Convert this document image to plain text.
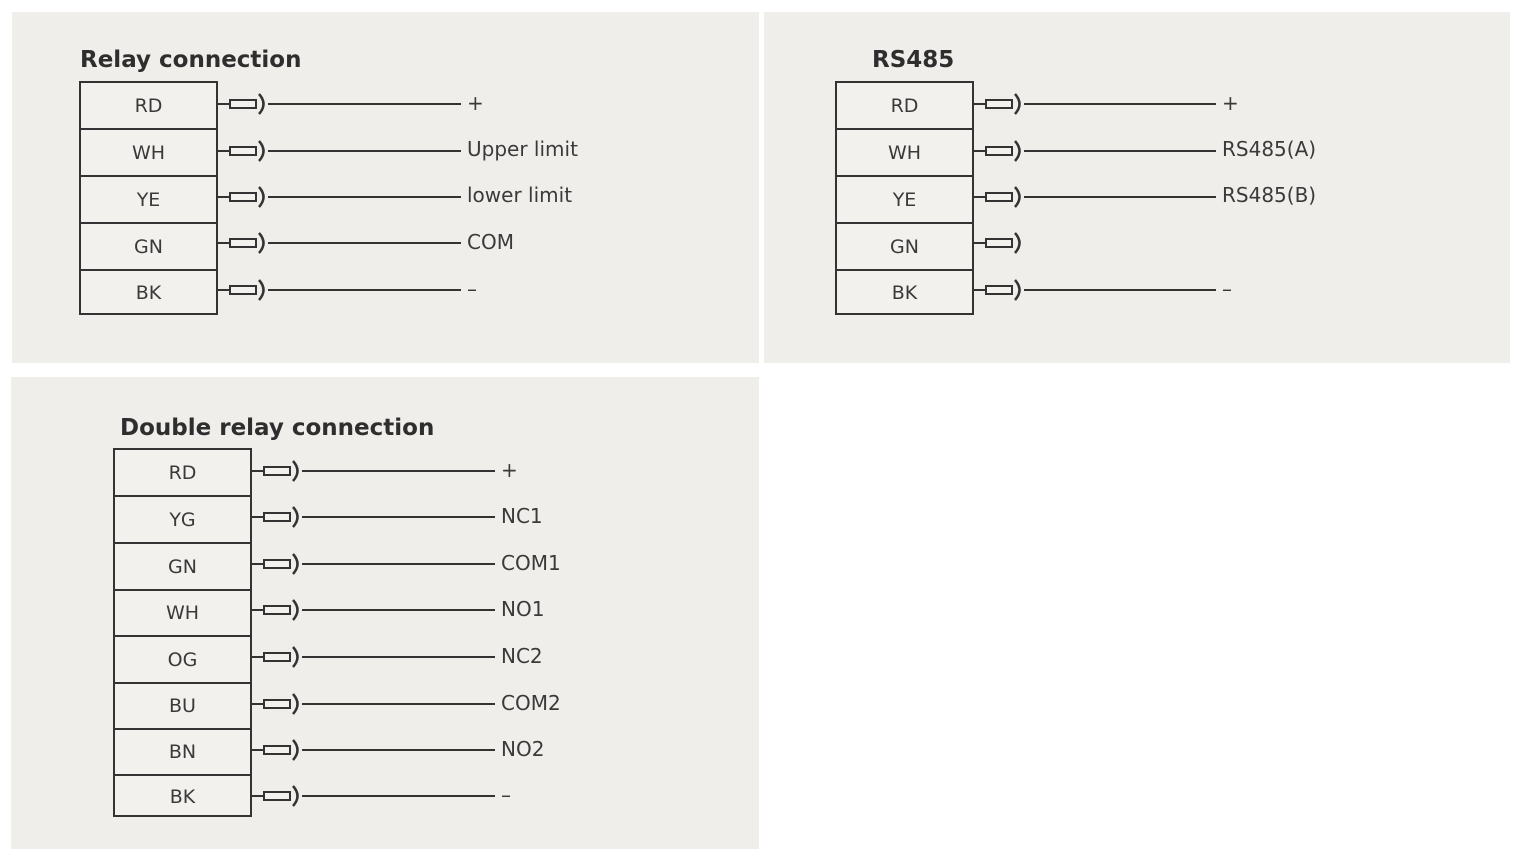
Relay connection
RD
WH
YE
GN
BK
+
Upper limit
lower limit
COM
–
RS485
RD
WH
YE
GN
BK
+
RS485(A)
RS485(B)
–
Double relay connection
RD
YG
GN
WH
OG
BU
BN
BK
+
NC1
COM1
NO1
NC2
COM2
NO2
–
